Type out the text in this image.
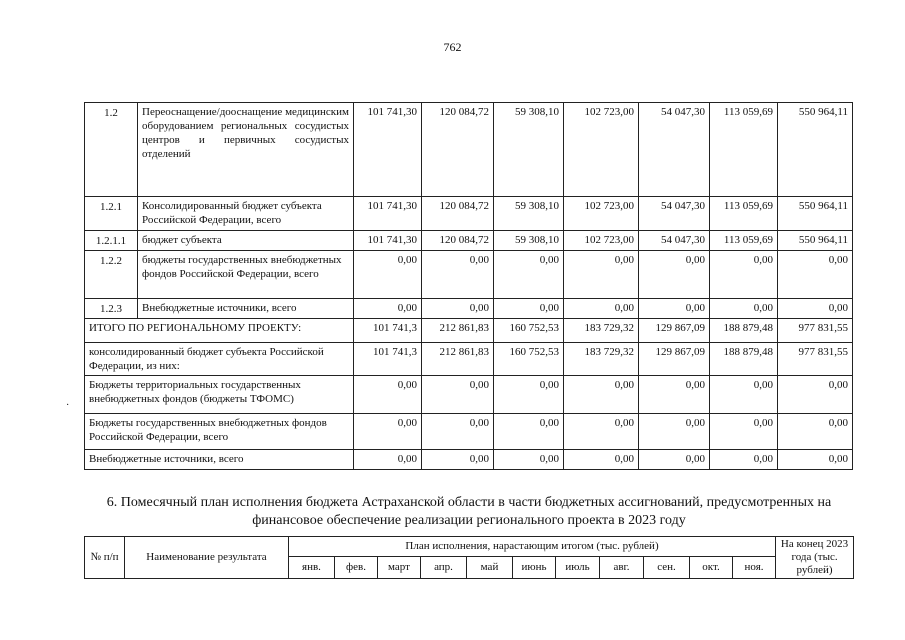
762
·
1.2	Переоснащение/дооснащение медицинским оборудованием региональных сосудистых центров и первичных сосудистых отделений	101 741,30	120 084,72	59 308,10	102 723,00	54 047,30	113 059,69	550 964,11
1.2.1	Консолидированный бюджет субъекта Российской Федерации, всего	101 741,30	120 084,72	59 308,10	102 723,00	54 047,30	113 059,69	550 964,11
1.2.1.1	бюджет субъекта	101 741,30	120 084,72	59 308,10	102 723,00	54 047,30	113 059,69	550 964,11
1.2.2	бюджеты государственных внебюджетных фондов Российской Федерации, всего	0,00	0,00	0,00	0,00	0,00	0,00	0,00
1.2.3	Внебюджетные источники, всего	0,00	0,00	0,00	0,00	0,00	0,00	0,00
ИТОГО ПО РЕГИОНАЛЬНОМУ ПРОЕКТУ:		101 741,3	212 861,83	160 752,53	183 729,32	129 867,09	188 879,48	977 831,55
консолидированный бюджет субъекта Российской Федерации, из них:		101 741,3	212 861,83	160 752,53	183 729,32	129 867,09	188 879,48	977 831,55
Бюджеты территориальных государственных внебюджетных фондов (бюджеты ТФОМС)		0,00	0,00	0,00	0,00	0,00	0,00	0,00
Бюджеты государственных внебюджетных фондов Российской Федерации, всего		0,00	0,00	0,00	0,00	0,00	0,00	0,00
Внебюджетные источники, всего		0,00	0,00	0,00	0,00	0,00	0,00	0,00
6. Помесячный план исполнения бюджета Астраханской области в части бюджетных ассигнований, предусмотренных на финансовое обеспечение реализации регионального проекта в 2023 году
№ п/п	Наименование результата	План исполнения, нарастающим итогом (тыс. рублей)											На конец 2023 года (тыс. рублей)
		янв.	фев.	март	апр.	май	июнь	июль	авг.	сен.	окт.	ноя.	
